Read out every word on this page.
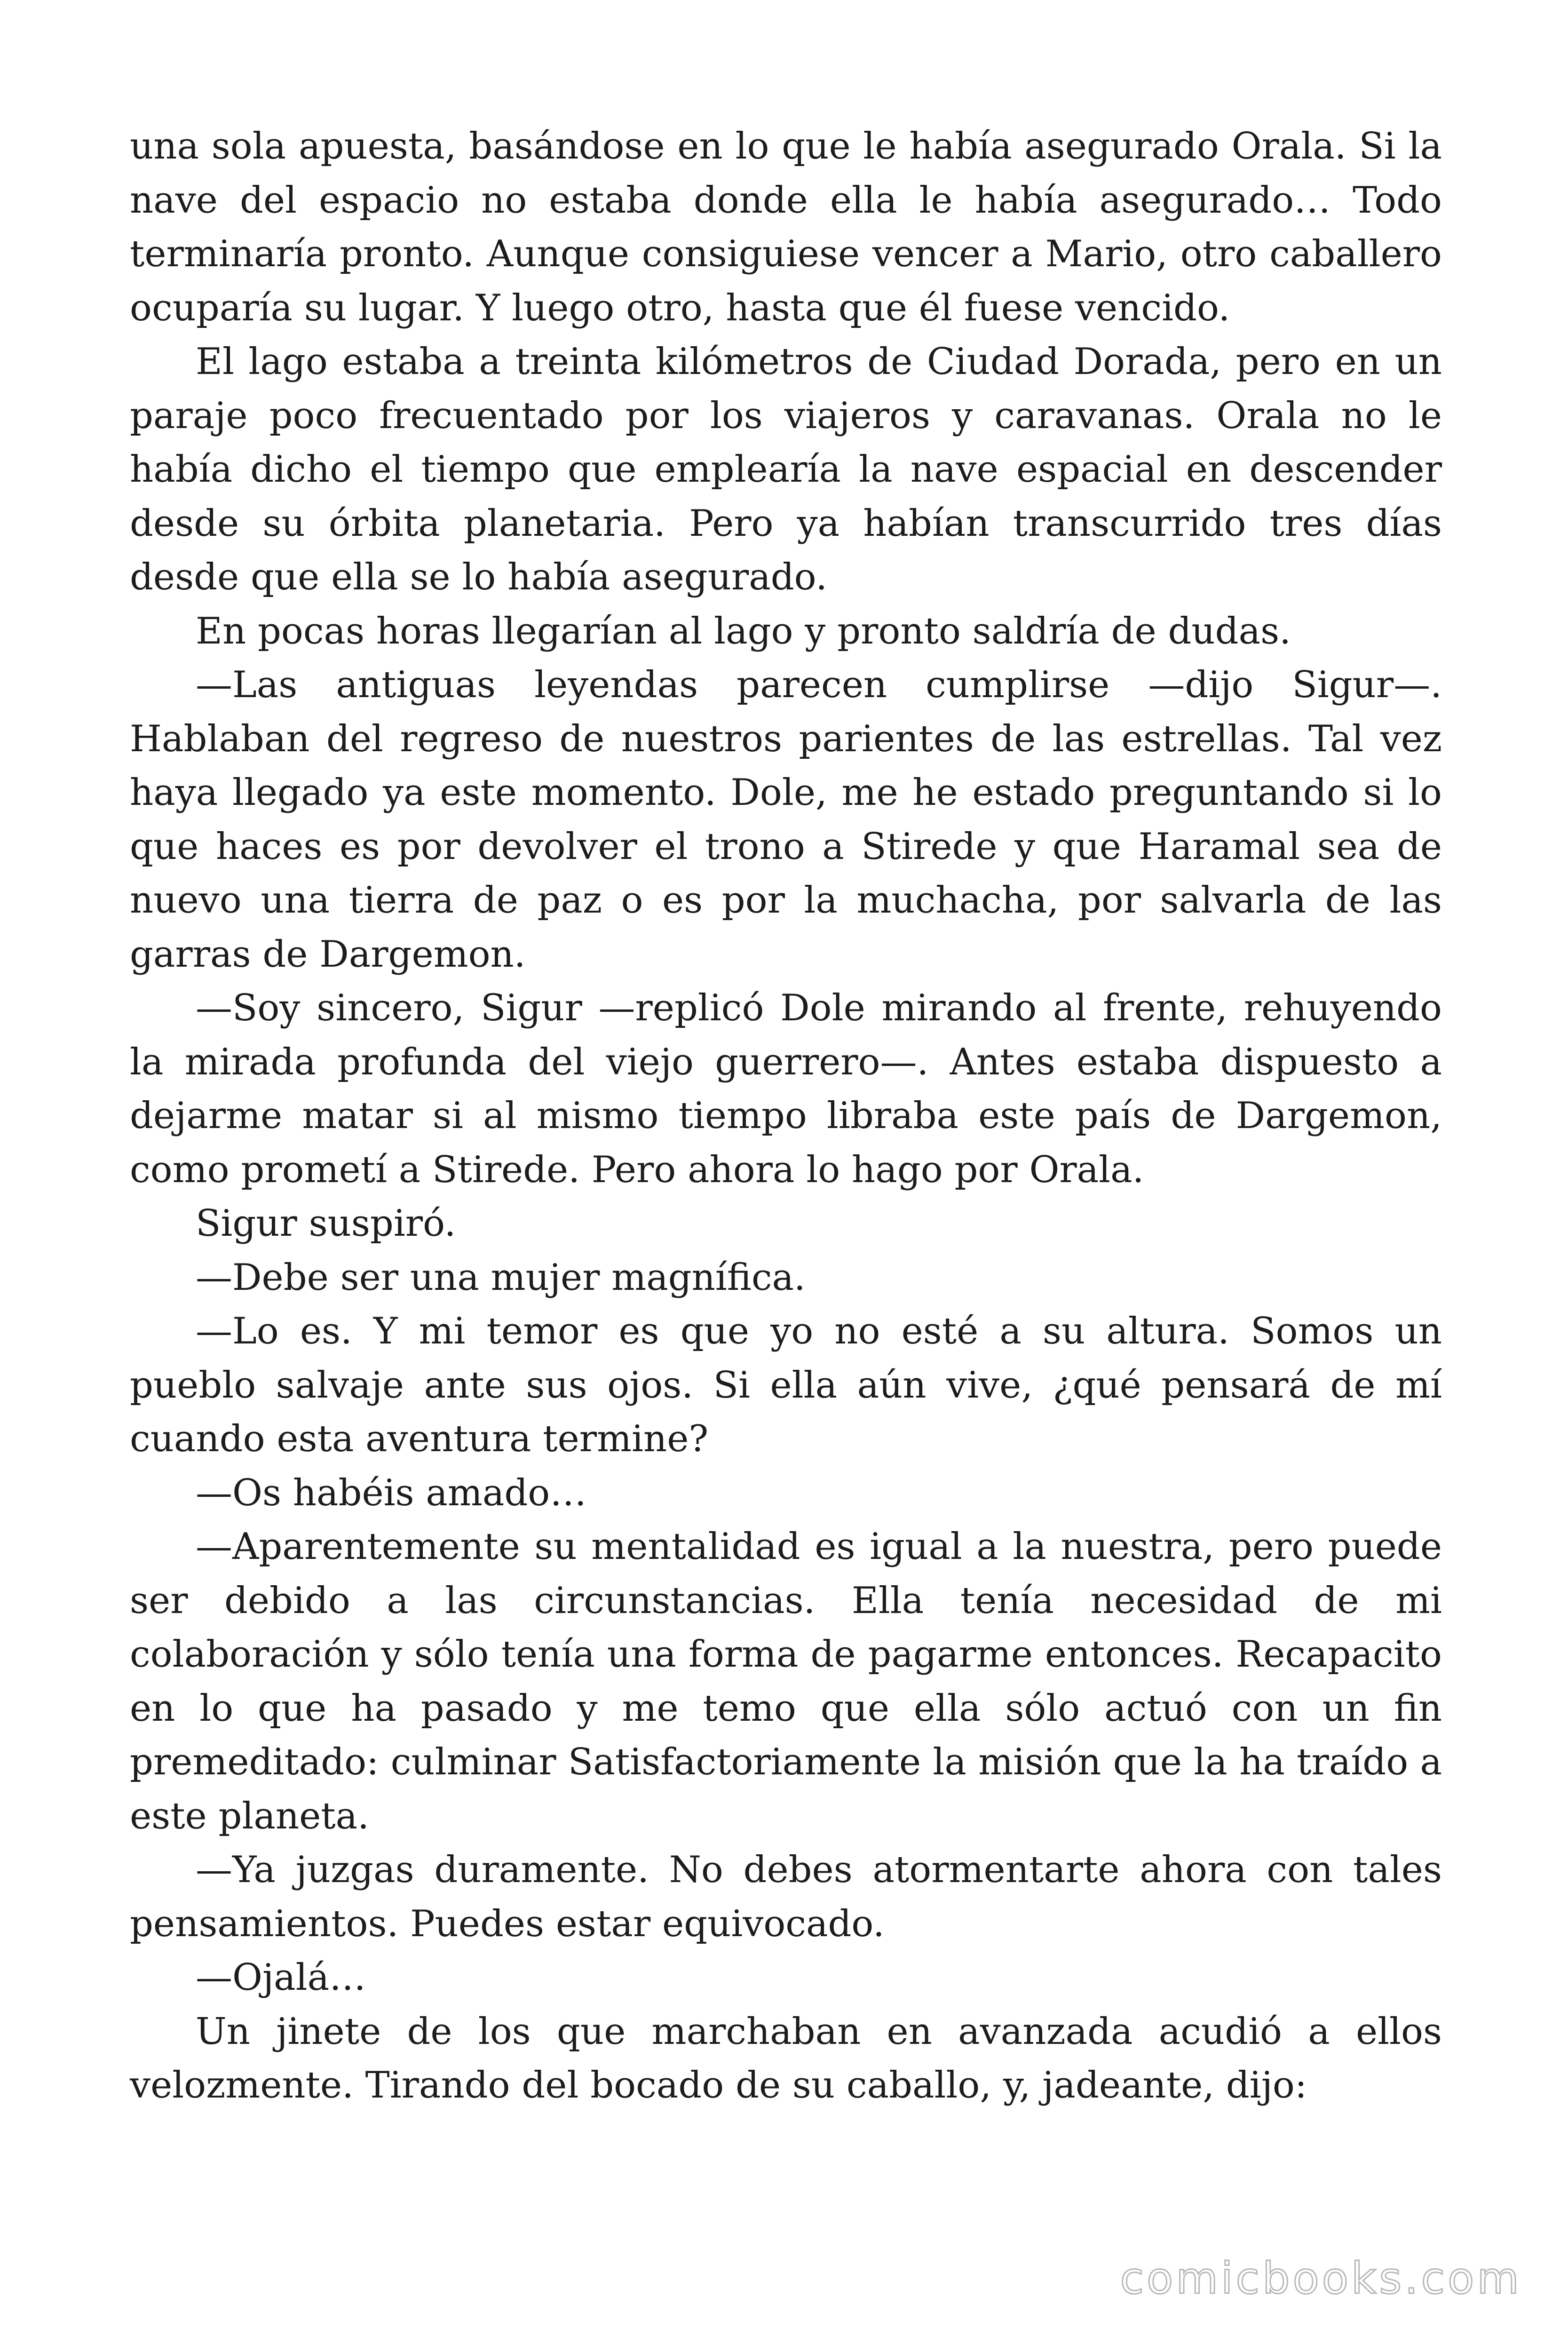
una sola apuesta, basándose en lo que le había asegurado Orala. Si la nave del espacio no estaba donde ella le había asegurado… Todo terminaría pronto. Aunque consiguiese vencer a Mario, otro caballero ocuparía su lugar. Y luego otro, hasta que él fuese vencido.

El lago estaba a treinta kilómetros de Ciudad Dorada, pero en un paraje poco frecuentado por los viajeros y caravanas. Orala no le había dicho el tiempo que emplearía la nave espacial en descender desde su órbita planetaria. Pero ya habían transcurrido tres días desde que ella se lo había asegurado.

En pocas horas llegarían al lago y pronto saldría de dudas.

—Las antiguas leyendas parecen cumplirse —dijo Sigur—. Hablaban del regreso de nuestros parientes de las estrellas. Tal vez haya llegado ya este momento. Dole, me he estado preguntando si lo que haces es por devolver el trono a Stirede y que Haramal sea de nuevo una tierra de paz o es por la muchacha, por salvarla de las garras de Dargemon.

—Soy sincero, Sigur —replicó Dole mirando al frente, rehuyendo la mirada profunda del viejo guerrero—. Antes estaba dispuesto a dejarme matar si al mismo tiempo libraba este país de Dargemon, como prometí a Stirede. Pero ahora lo hago por Orala.

Sigur suspiró.

—Debe ser una mujer magnífica.

—Lo es. Y mi temor es que yo no esté a su altura. Somos un pueblo salvaje ante sus ojos. Si ella aún vive, ¿qué pensará de mí cuando esta aventura termine?

—Os habéis amado…

—Aparentemente su mentalidad es igual a la nuestra, pero puede ser debido a las circunstancias. Ella tenía necesidad de mi colaboración y sólo tenía una forma de pagarme entonces. Recapacito en lo que ha pasado y me temo que ella sólo actuó con un fin premeditado: culminar Satisfactoriamente la misión que la ha traído a este planeta.

—Ya juzgas duramente. No debes atormentarte ahora con tales pensamientos. Puedes estar equivocado.

—Ojalá…

Un jinete de los que marchaban en avanzada acudió a ellos velozmente. Tirando del bocado de su caballo, y, jadeante, dijo:

comicbooks.com
